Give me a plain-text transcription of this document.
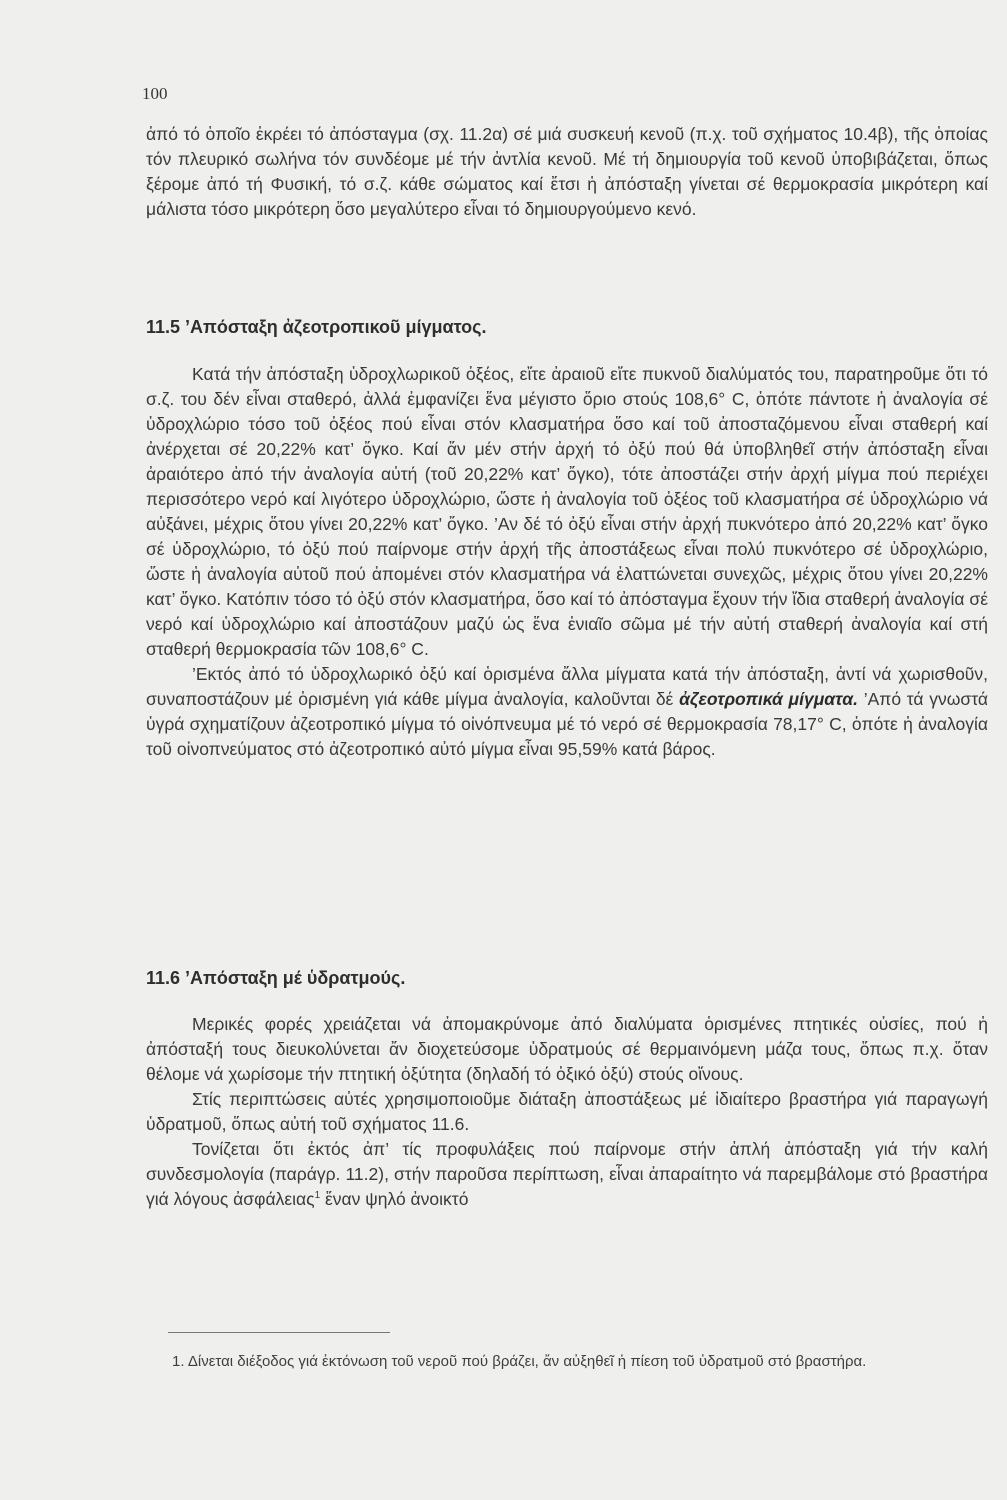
100

ἀπό τό ὁποῖο ἐκρέει τό ἀπόσταγμα (σχ. 11.2α) σέ μιά συσκευή κενοῦ (π.χ. τοῦ σχήματος 10.4β), τῆς ὁποίας τόν πλευρικό σωλήνα τόν συνδέομε μέ τήν ἀντλία κενοῦ. Μέ τή δημιουργία τοῦ κενοῦ ὑποβιβάζεται, ὅπως ξέρομε ἀπό τή Φυσική, τό σ.ζ. κάθε σώματος καί ἔτσι ἡ ἀπόσταξη γίνεται σέ θερμοκρασία μικρότερη καί μάλιστα τόσο μικρότερη ὅσο μεγαλύτερο εἶναι τό δημιουργούμενο κενό.

11.5 ’Απόσταξη ἀζεοτροπικοῦ μίγματος.

Κατά τήν ἀπόσταξη ὑδροχλωρικοῦ ὀξέος, εἴτε ἀραιοῦ εἴτε πυκνοῦ διαλύματός του, παρατηροῦμε ὅτι τό σ.ζ. του δέν εἶναι σταθερό, ἀλλά ἐμφανίζει ἕνα μέγιστο ὅριο στούς 108,6° C, ὁπότε πάντοτε ἡ ἀναλογία σέ ὑδροχλώριο τόσο τοῦ ὀξέος πού εἶναι στόν κλασματήρα ὅσο καί τοῦ ἀποσταζόμενου εἶναι σταθερή καί ἀνέρχεται σέ 20,22% κατ’ ὄγκο. Καί ἄν μέν στήν ἀρχή τό ὀξύ πού θά ὑποβληθεῖ στήν ἀπόσταξη εἶναι ἀραιότερο ἀπό τήν ἀναλογία αὐτή (τοῦ 20,22% κατ’ ὄγκο), τότε ἀποστάζει στήν ἀρχή μίγμα πού περιέχει περισσότερο νερό καί λιγότερο ὑδροχλώριο, ὥστε ἡ ἀναλογία τοῦ ὀξέος τοῦ κλασματήρα σέ ὑδροχλώριο νά αὐξάνει, μέχρις ὅτου γίνει 20,22% κατ’ ὄγκο. ’Αν δέ τό ὀξύ εἶναι στήν ἀρχή πυκνότερο ἀπό 20,22% κατ’ ὄγκο σέ ὑδροχλώριο, τό ὀξύ πού παίρνομε στήν ἀρχή τῆς ἀποστάξεως εἶναι πολύ πυκνότερο σέ ὑδροχλώριο, ὥστε ἡ ἀναλογία αὐτοῦ πού ἀπομένει στόν κλασματήρα νά ἐλαττώνεται συνεχῶς, μέχρις ὅτου γίνει 20,22% κατ’ ὄγκο. Κατόπιν τόσο τό ὀξύ στόν κλασματήρα, ὅσο καί τό ἀπόσταγμα ἔχουν τήν ἴδια σταθερή ἀναλογία σέ νερό καί ὑδροχλώριο καί ἀποστάζουν μαζύ ὡς ἕνα ἑνιαῖο σῶμα μέ τήν αὐτή σταθερή ἀναλογία καί στή σταθερή θερμοκρασία τῶν 108,6° C.

’Εκτός ἀπό τό ὑδροχλωρικό ὀξύ καί ὁρισμένα ἄλλα μίγματα κατά τήν ἀπόσταξη, ἀντί νά χωρισθοῦν, συναποστάζουν μέ ὁρισμένη γιά κάθε μίγμα ἀναλογία, καλοῦνται δέ ἀζεοτροπικά μίγματα. ’Από τά γνωστά ὑγρά σχηματίζουν ἀζεοτροπικό μίγμα τό οἰνόπνευμα μέ τό νερό σέ θερμοκρασία 78,17° C, ὁπότε ἡ ἀναλογία τοῦ οἰνοπνεύματος στό ἀζεοτροπικό αὐτό μίγμα εἶναι 95,59% κατά βάρος.

11.6 ’Απόσταξη μέ ὑδρατμούς.

Μερικές φορές χρειάζεται νά ἀπομακρύνομε ἀπό διαλύματα ὁρισμένες πτητικές οὐσίες, πού ἡ ἀπόσταξή τους διευκολύνεται ἄν διοχετεύσομε ὑδρατμούς σέ θερμαινόμενη μάζα τους, ὅπως π.χ. ὅταν θέλομε νά χωρίσομε τήν πτητική ὀξύτητα (δηλαδή τό ὀξικό ὀξύ) στούς οἴνους.

Στίς περιπτώσεις αὐτές χρησιμοποιοῦμε διάταξη ἀποστάξεως μέ ἰδιαίτερο βραστήρα γιά παραγωγή ὑδρατμοῦ, ὅπως αὐτή τοῦ σχήματος 11.6.

Τονίζεται ὅτι ἐκτός ἀπ’ τίς προφυλάξεις πού παίρνομε στήν ἀπλή ἀπόσταξη γιά τήν καλή συνδεσμολογία (παράγρ. 11.2), στήν παροῦσα περίπτωση, εἶναι ἀπαραίτητο νά παρεμβάλομε στό βραστήρα γιά λόγους ἀσφάλειας$^1$ ἕναν ψηλό ἀνοικτό

1. Δίνεται διέξοδος γιά ἐκτόνωση τοῦ νεροῦ πού βράζει, ἄν αὐξηθεῖ ἡ πίεση τοῦ ὑδρατμοῦ στό βραστήρα.
